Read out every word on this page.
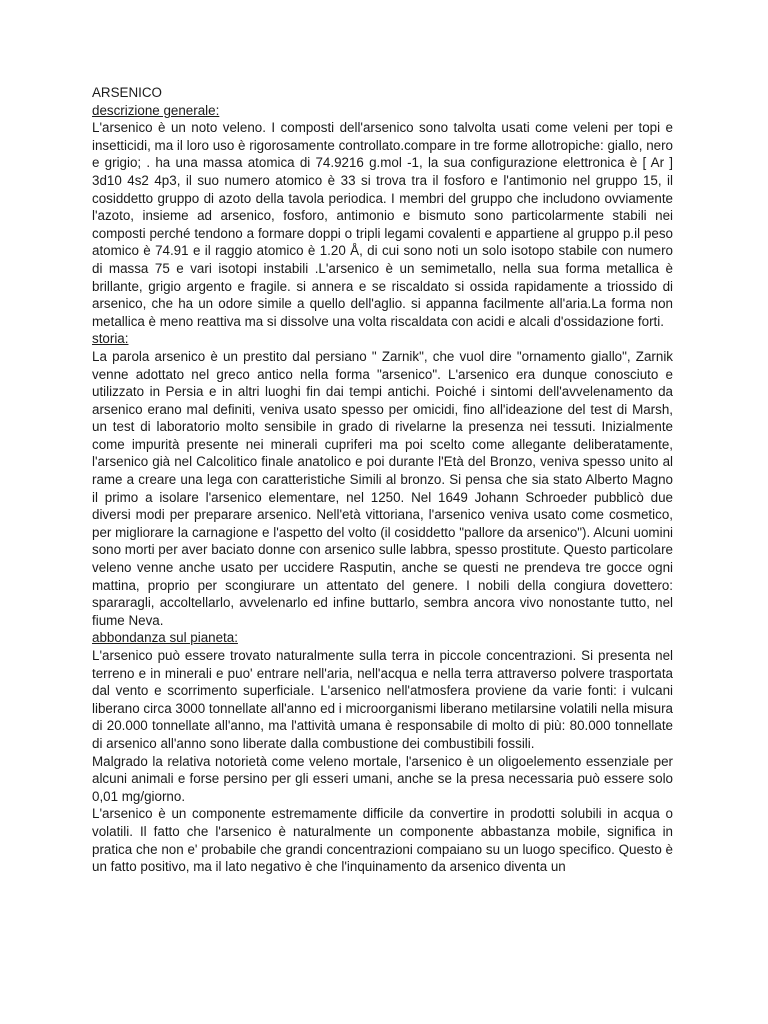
ARSENICO
descrizione generale:

L'arsenico è un noto veleno. I composti dell'arsenico sono talvolta usati come veleni per topi e insetticidi, ma il loro uso è rigorosamente controllato.compare in tre forme allotropiche: giallo, nero e grigio; . ha una massa atomica di 74.9216 g.mol -1, la sua configurazione elettronica è [ Ar ] 3d10 4s2 4p3, il suo numero atomico è 33 si trova tra il fosforo e l'antimonio nel gruppo 15, il cosiddetto gruppo di azoto della tavola periodica. I membri del gruppo che includono ovviamente l'azoto, insieme ad arsenico, fosforo, antimonio e bismuto sono particolarmente stabili nei composti perché tendono a formare doppi o tripli legami covalenti e appartiene al gruppo p.il peso atomico è 74.91 e il raggio atomico è 1.20 Å, di cui sono noti un solo isotopo stabile con numero di massa 75 e vari isotopi instabili .L'arsenico è un semimetallo, nella sua forma metallica è brillante, grigio argento e fragile. si annera e se riscaldato si ossida rapidamente a triossido di arsenico, che ha un odore simile a quello dell'aglio. si appanna facilmente all'aria.La forma non metallica è meno reattiva ma si dissolve una volta riscaldata con acidi e alcali d'ossidazione forti.

storia:

La parola arsenico è un prestito dal persiano " Zarnik", che vuol dire "ornamento giallo", Zarnik venne adottato nel greco antico nella forma "arsenico". L'arsenico era dunque conosciuto e utilizzato in Persia e in altri luoghi fin dai tempi antichi. Poiché i sintomi dell'avvelenamento da arsenico erano mal definiti, veniva usato spesso per omicidi, fino all'ideazione del test di Marsh, un test di laboratorio molto sensibile in grado di rivelarne la presenza nei tessuti. Inizialmente come impurità presente nei minerali cupriferi ma poi scelto come allegante deliberatamente, l'arsenico già nel Calcolitico finale anatolico e poi durante l'Età del Bronzo, veniva spesso unito al rame a creare una lega con caratteristiche Simili al bronzo. Si pensa che sia stato Alberto Magno il primo a isolare l'arsenico elementare, nel 1250. Nel 1649 Johann Schroeder pubblicò due diversi modi per preparare arsenico. Nell'età vittoriana, l'arsenico veniva usato come cosmetico, per migliorare la carnagione e l'aspetto del volto (il cosiddetto "pallore da arsenico"). Alcuni uomini sono morti per aver baciato donne con arsenico sulle labbra, spesso prostitute. Questo particolare veleno venne anche usato per uccidere Rasputin, anche se questi ne prendeva tre gocce ogni mattina, proprio per scongiurare un attentato del genere. I nobili della congiura dovettero: spararagli, accoltellarlo, avvelenarlo ed infine buttarlo, sembra ancora vivo nonostante tutto, nel fiume Neva.

abbondanza sul pianeta:

L'arsenico può essere trovato naturalmente sulla terra in piccole concentrazioni. Si presenta nel terreno e in minerali e puo' entrare nell'aria, nell'acqua e nella terra attraverso polvere trasportata dal vento e scorrimento superficiale. L'arsenico nell'atmosfera proviene da varie fonti: i vulcani liberano circa 3000 tonnellate all'anno ed i microorganismi liberano metilarsine volatili nella misura di 20.000 tonnellate all'anno, ma l'attività umana è responsabile di molto di più: 80.000 tonnellate di arsenico all'anno sono liberate dalla combustione dei combustibili fossili.

Malgrado la relativa notorietà come veleno mortale, l'arsenico è un oligoelemento essenziale per alcuni animali e forse persino per gli esseri umani, anche se la presa necessaria può essere solo 0,01 mg/giorno.

L'arsenico è un componente estremamente difficile da convertire in prodotti solubili in acqua o volatili. Il fatto che l'arsenico è naturalmente un componente abbastanza mobile, significa in pratica che non e' probabile che grandi concentrazioni compaiano su un luogo specifico. Questo è un fatto positivo, ma il lato negativo è che l'inquinamento da arsenico diventa un
